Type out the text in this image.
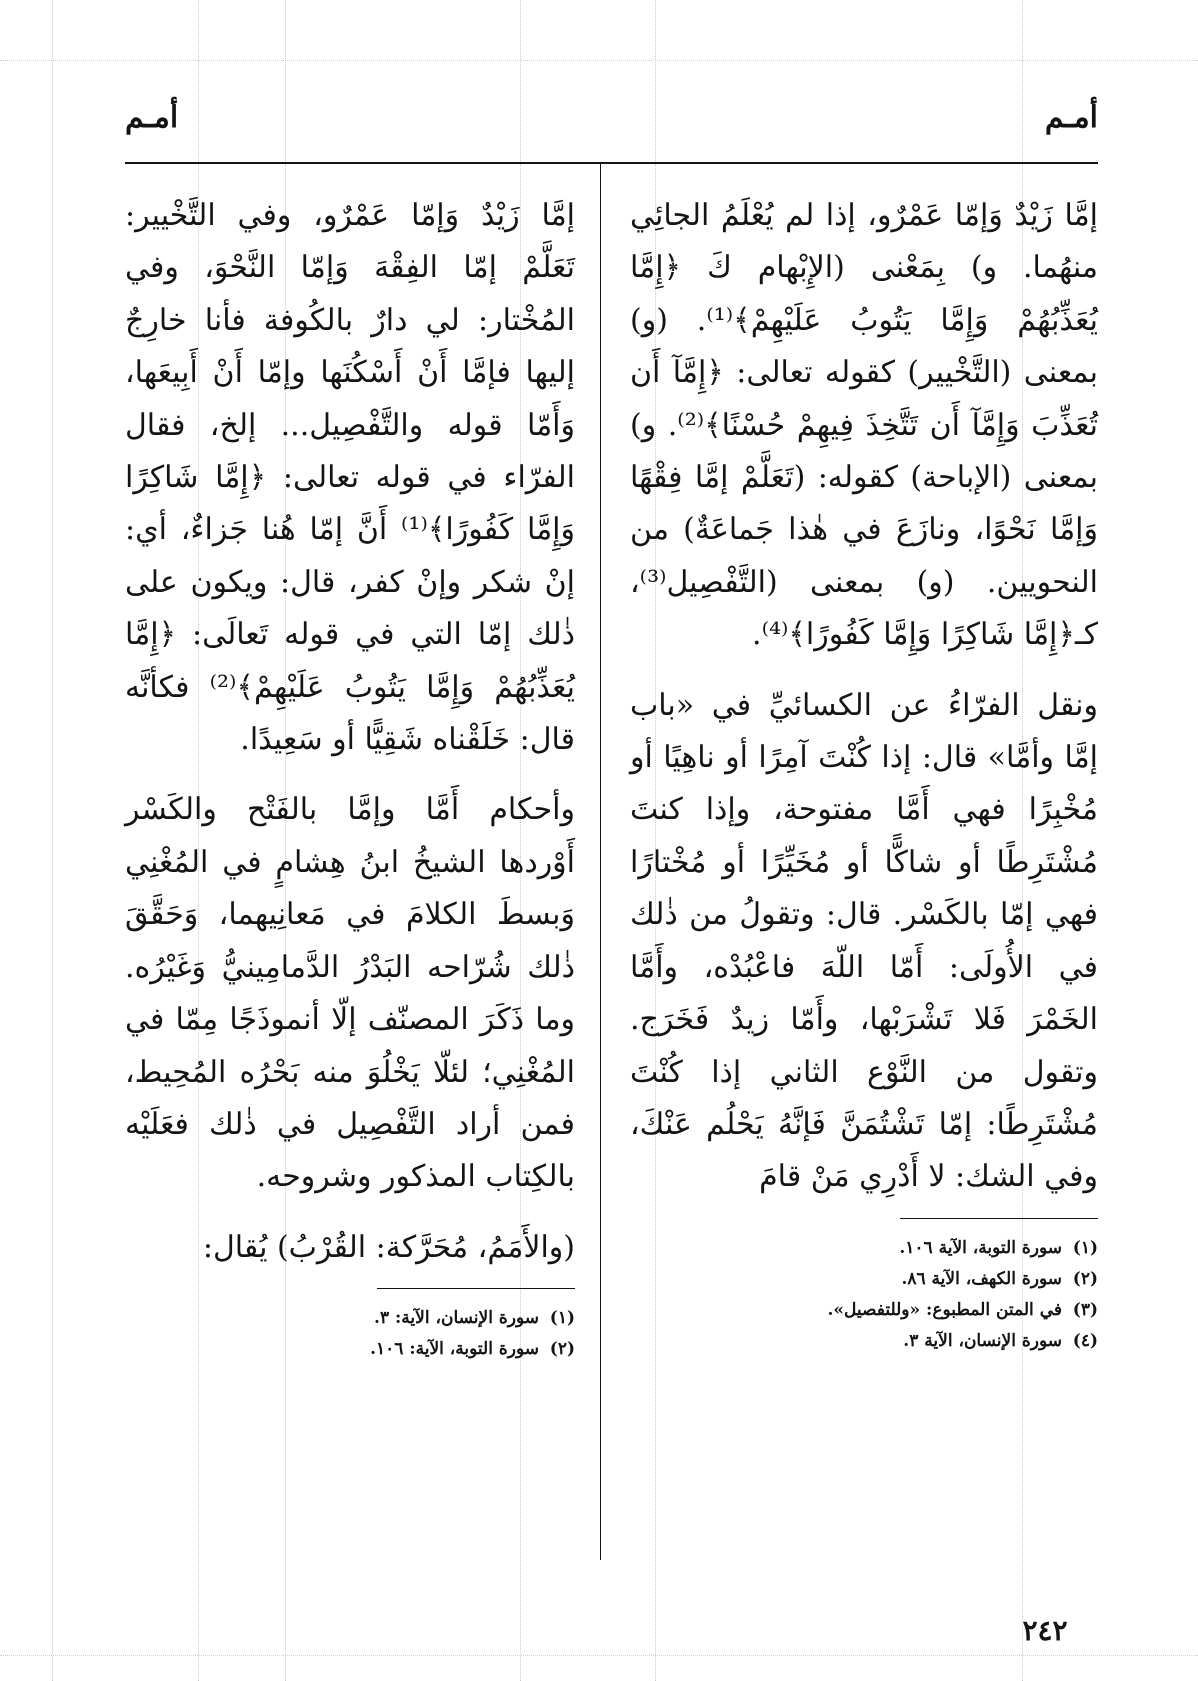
أمـم
أمـم

إمَّا زَيْدٌ وَإمّا عَمْرٌو، إذا لم يُعْلَمُ الجائِي منهُما. و) بِمَعْنى (الإِبْهام كَ ﴿إِمَّا يُعَذِّبُهُمْ وَإِمَّا يَتُوبُ عَلَيْهِمْ﴾⁽¹⁾. (و) بمعنى (التَّخْيير) كقوله تعالى: ﴿إِمَّآ أَن تُعَذِّبَ وَإِمَّآ أَن تَتَّخِذَ فِيهِمْ حُسْنًا﴾⁽²⁾. و) بمعنى (الإباحة) كقوله: (تَعَلَّمْ إمَّا فِقْهًا وَإمَّا نَحْوًا، ونازَعَ في هٰذا جَماعَةٌ) من النحويين. (و) بمعنى (التَّفْصِيل⁽³⁾، كـ﴿إِمَّا شَاكِرًا وَإِمَّا كَفُورًا﴾⁽⁴⁾.

ونقل الفرّاءُ عن الكسائيِّ في «باب إمَّا وأمَّا» قال: إذا كُنْتَ آمِرًا أو ناهِيًا أو مُخْبِرًا فهي أَمَّا مفتوحة، وإذا كنتَ مُشْتَرِطًا أو شاكًّا أو مُخَيِّرًا أو مُخْتارًا فهي إمّا بالكَسْر. قال: وتقولُ من ذٰلك في الأُولَى: أَمّا اللّهَ فاعْبُدْه، وأَمَّا الخَمْرَ فَلا تَشْرَبْها، وأَمّا زيدٌ فَخَرَج. وتقول من النَّوْع الثاني إذا كُنْتَ مُشْتَرِطًا: إمّا تَشْتُمَنَّ فَإنَّهُ يَحْلُم عَنْكَ، وفي الشك: لا أَدْرِي مَنْ قامَ

(١)سورة التوبة، الآية ١٠٦.

(٢)سورة الكهف، الآية ٨٦.

(٣)في المتن المطبوع: «وللتفصيل».

(٤)سورة الإنسان، الآية ٣.

إمَّا زَيْدٌ وَإمّا عَمْرٌو، وفي التَّخْيير: تَعَلَّمْ إمّا الفِقْهَ وَإمّا النَّحْوَ، وفي المُخْتار: لي دارٌ بالكُوفة فأنا خارِجٌ إليها فإمَّا أَنْ أَسْكُنَها وإمّا أَنْ أَبِيعَها، وَأَمّا قوله والتَّفْصِيل... إلخ، فقال الفرّاء في قوله تعالى: ﴿إِمَّا شَاكِرًا وَإِمَّا كَفُورًا﴾⁽¹⁾ أَنَّ إمّا هُنا جَزاءٌ، أي: إنْ شكر وإنْ كفر، قال: ويكون على ذٰلك إمّا التي في قوله تَعالَى: ﴿إِمَّا يُعَذِّبُهُمْ وَإِمَّا يَتُوبُ عَلَيْهِمْ﴾⁽²⁾ فكأنَّه قال: خَلَقْناه شَقِيًّا أو سَعِيدًا.

وأحكام أَمَّا وإمَّا بالفَتْح والكَسْر أَوْردها الشيخُ ابنُ هِشامٍ في المُغْنِي وَبسطَ الكلامَ في مَعانِيهما، وَحَقَّقَ ذٰلك شُرّاحه البَدْرُ الدَّمامِينيُّ وَغَيْرُه. وما ذَكَرَ المصنّف إلّا أنموذَجًا مِمّا في المُغْنِي؛ لئلّا يَخْلُوَ منه بَحْرُه المُحِيط، فمن أراد التَّفْصِيل في ذٰلك فعَلَيْه بالكِتاب المذكور وشروحه.

(والأَمَمُ، مُحَرَّكة: القُرْبُ) يُقال:

(١)سورة الإنسان، الآية: ٣.

(٢)سورة التوبة، الآية: ١٠٦.

٢٤٢
